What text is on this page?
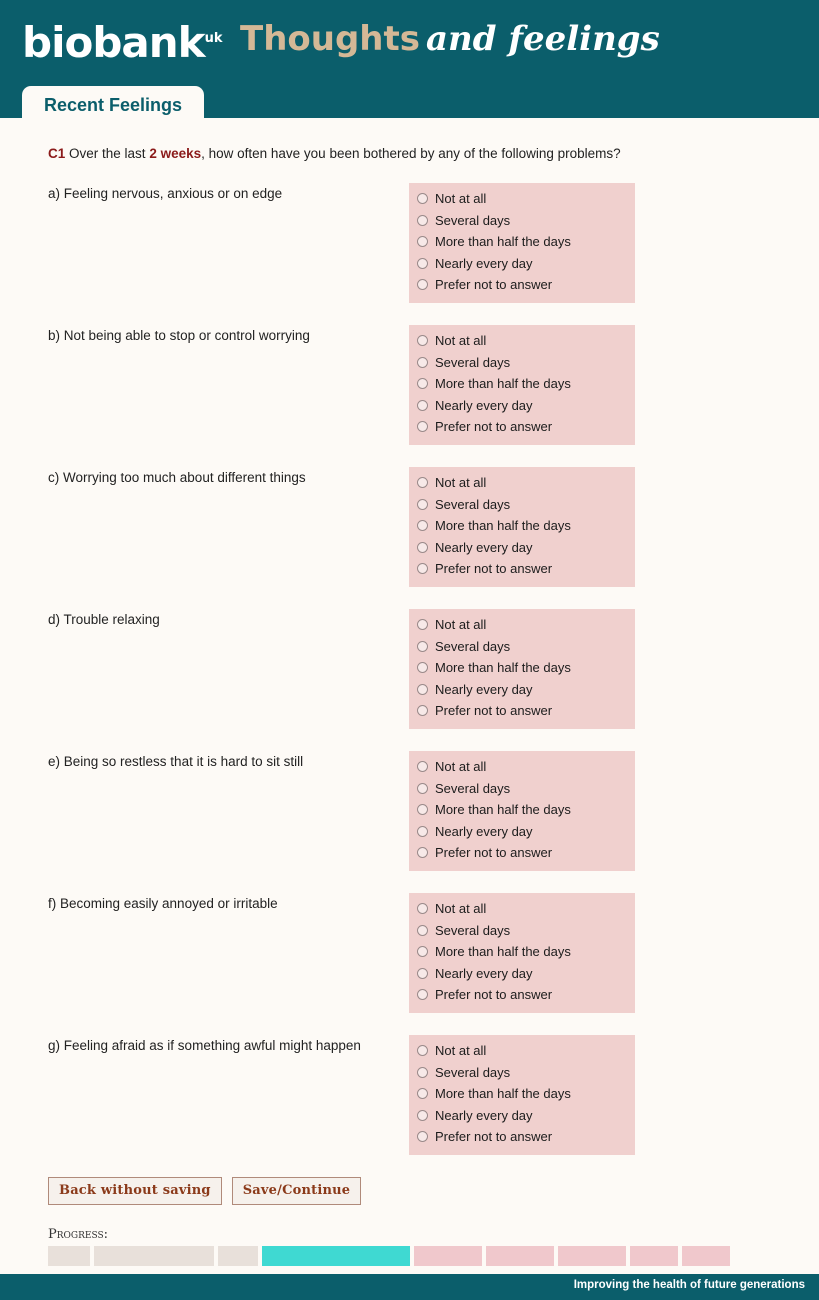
biobank$^{uk}$ Thoughts and feelings
Recent Feelings
C1 Over the last 2 weeks, how often have you been bothered by any of the following problems?
a) Feeling nervous, anxious or on edge	Not at all
Several days
More than half the days
Nearly every day
Prefer not to answer
b) Not being able to stop or control worrying	Not at all
Several days
More than half the days
Nearly every day
Prefer not to answer
c) Worrying too much about different things	Not at all
Several days
More than half the days
Nearly every day
Prefer not to answer
d) Trouble relaxing	Not at all
Several days
More than half the days
Nearly every day
Prefer not to answer
e) Being so restless that it is hard to sit still	Not at all
Several days
More than half the days
Nearly every day
Prefer not to answer
f) Becoming easily annoyed or irritable	Not at all
Several days
More than half the days
Nearly every day
Prefer not to answer
g) Feeling afraid as if something awful might happen	Not at all
Several days
More than half the days
Nearly every day
Prefer not to answer
Back without saving	Save/Continue
Progress:
Improving the health of future generations
